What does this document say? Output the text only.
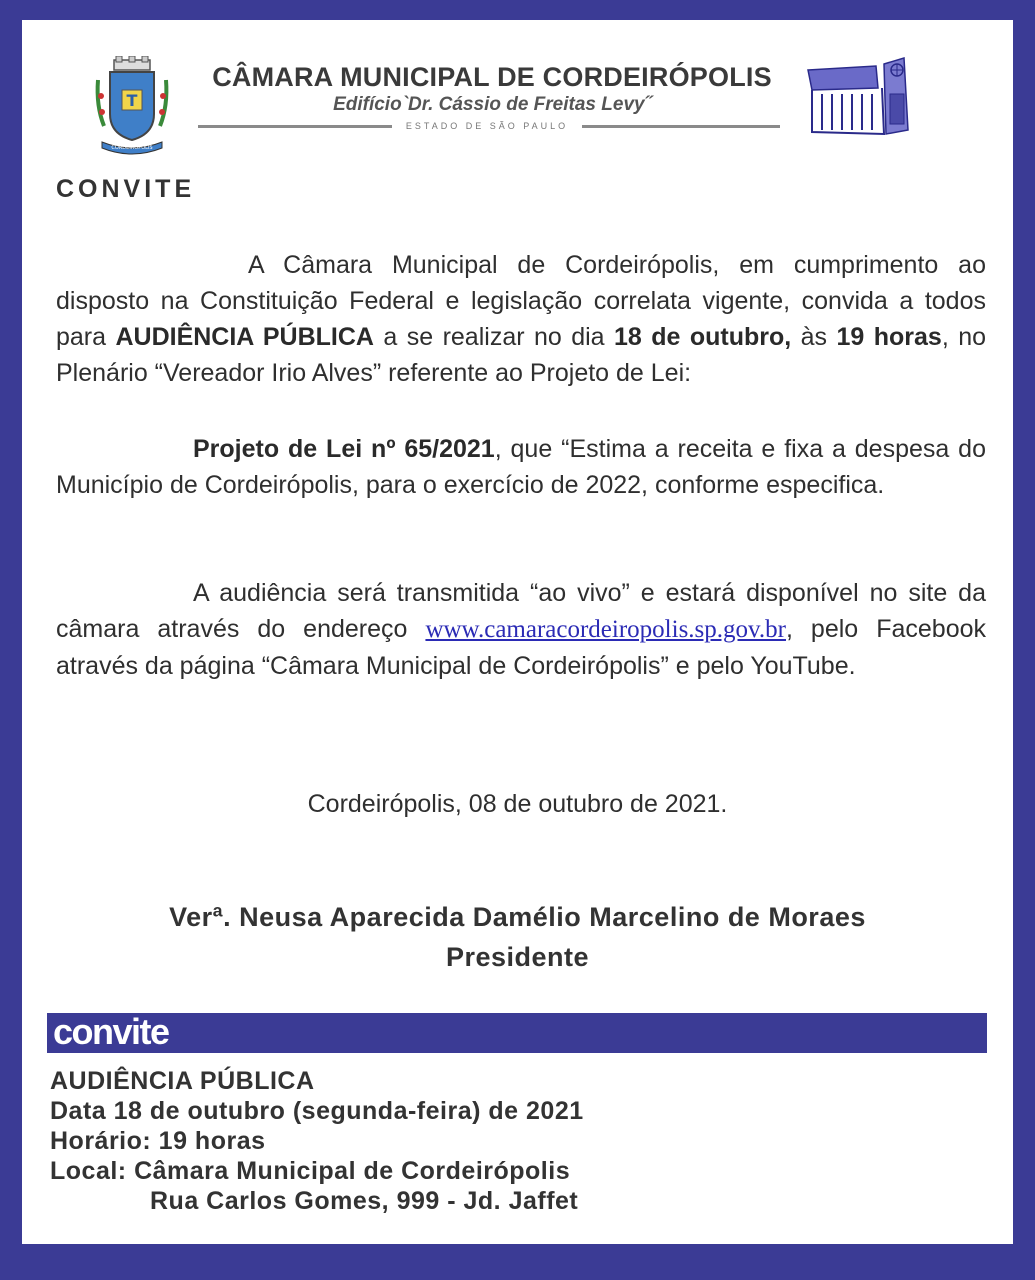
T
CORDEIRÓPOLIS
CÂMARA MUNICIPAL DE CORDEIRÓPOLIS
EdifícioˋDr. Cássio de Freitas Levy˝
ESTADO DE SÃO PAULO
CONVITE

A Câmara Municipal de Cordeirópolis, em cumprimento ao disposto na Constituição Federal e legislação correlata vigente, convida a todos para AUDIÊNCIA PÚBLICA a se realizar no dia 18 de outubro, às 19 horas, no Plenário “Vereador Irio Alves” referente ao Projeto de Lei:

Projeto de Lei nº 65/2021, que “Estima a receita e fixa a despesa do Município de Cordeirópolis, para o exercício de 2022, conforme especifica.

A audiência será transmitida “ao vivo” e estará disponível no site da câmara através do endereço www.camaracordeiropolis.sp.gov.br, pelo Facebook através da página “Câmara Municipal de Cordeirópolis” e pelo YouTube.

Cordeirópolis, 08 de outubro de 2021.
Verª. Neusa Aparecida Damélio Marcelino de Moraes
Presidente
convite
AUDIÊNCIA PÚBLICA
Data 18 de outubro (segunda-feira) de 2021
Horário: 19 horas
Local: Câmara Municipal de Cordeirópolis
Rua Carlos Gomes, 999 - Jd. Jaffet
